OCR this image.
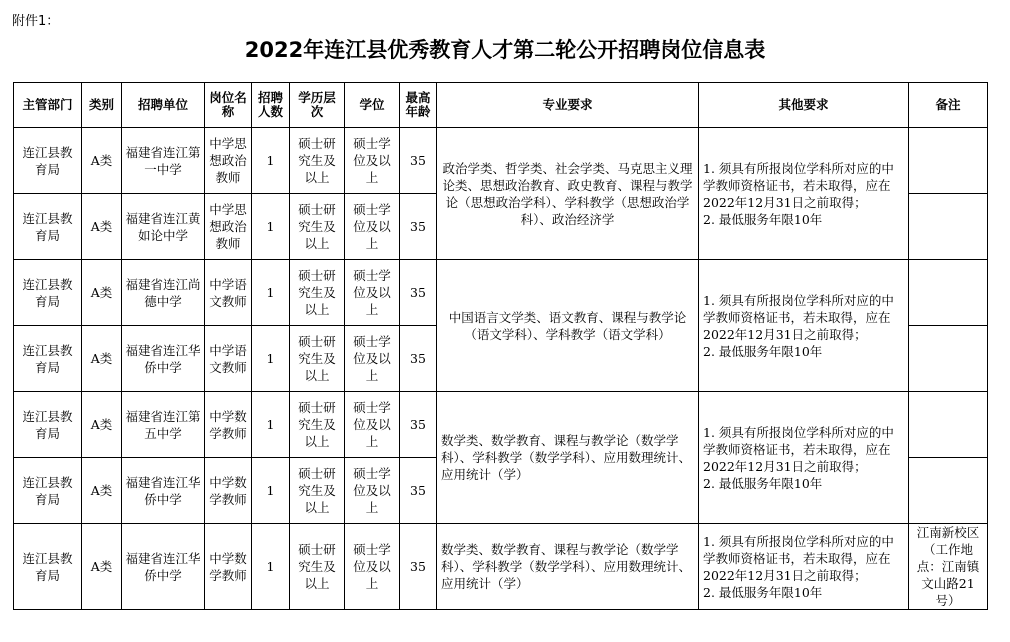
附件1：
2022年连江县优秀教育人才第二轮公开招聘岗位信息表
主管部门	类别	招聘单位	岗位名称	招聘人数	学历层次	学位	最高年龄	专业要求	其他要求	备注
连江县教育局	A类	福建省连江第一中学	中学思想政治教师	1	硕士研究生及以上	硕士学位及以上	35	政治学类、哲学类、社会学类、马克思主义理论类、思想政治教育、政史教育、课程与教学论（思想政治学科）、学科教学（思想政治学科）、政治经济学	1. 须具有所报岗位学科所对应的中学教师资格证书，若未取得，应在2022年12月31日之前取得；
2. 最低服务年限10年	
连江县教育局	A类	福建省连江黄如论中学	中学思想政治教师	1	硕士研究生及以上	硕士学位及以上	35			
连江县教育局	A类	福建省连江尚德中学	中学语文教师	1	硕士研究生及以上	硕士学位及以上	35	中国语言文学类、语文教育、课程与教学论（语文学科）、学科教学（语文学科）	1. 须具有所报岗位学科所对应的中学教师资格证书，若未取得，应在2022年12月31日之前取得；
2. 最低服务年限10年	
连江县教育局	A类	福建省连江华侨中学	中学语文教师	1	硕士研究生及以上	硕士学位及以上	35			
连江县教育局	A类	福建省连江第五中学	中学数学教师	1	硕士研究生及以上	硕士学位及以上	35	数学类、数学教育、课程与教学论（数学学科）、学科教学（数学学科）、应用数理统计、应用统计（学）	1. 须具有所报岗位学科所对应的中学教师资格证书，若未取得，应在2022年12月31日之前取得；
2. 最低服务年限10年	
连江县教育局	A类	福建省连江华侨中学	中学数学教师	1	硕士研究生及以上	硕士学位及以上	35			
连江县教育局	A类	福建省连江华侨中学	中学数学教师	1	硕士研究生及以上	硕士学位及以上	35	数学类、数学教育、课程与教学论（数学学科）、学科教学（数学学科）、应用数理统计、应用统计（学）	1. 须具有所报岗位学科所对应的中学教师资格证书，若未取得，应在2022年12月31日之前取得；
2. 最低服务年限10年	江南新校区（工作地点：江南镇文山路21号）
